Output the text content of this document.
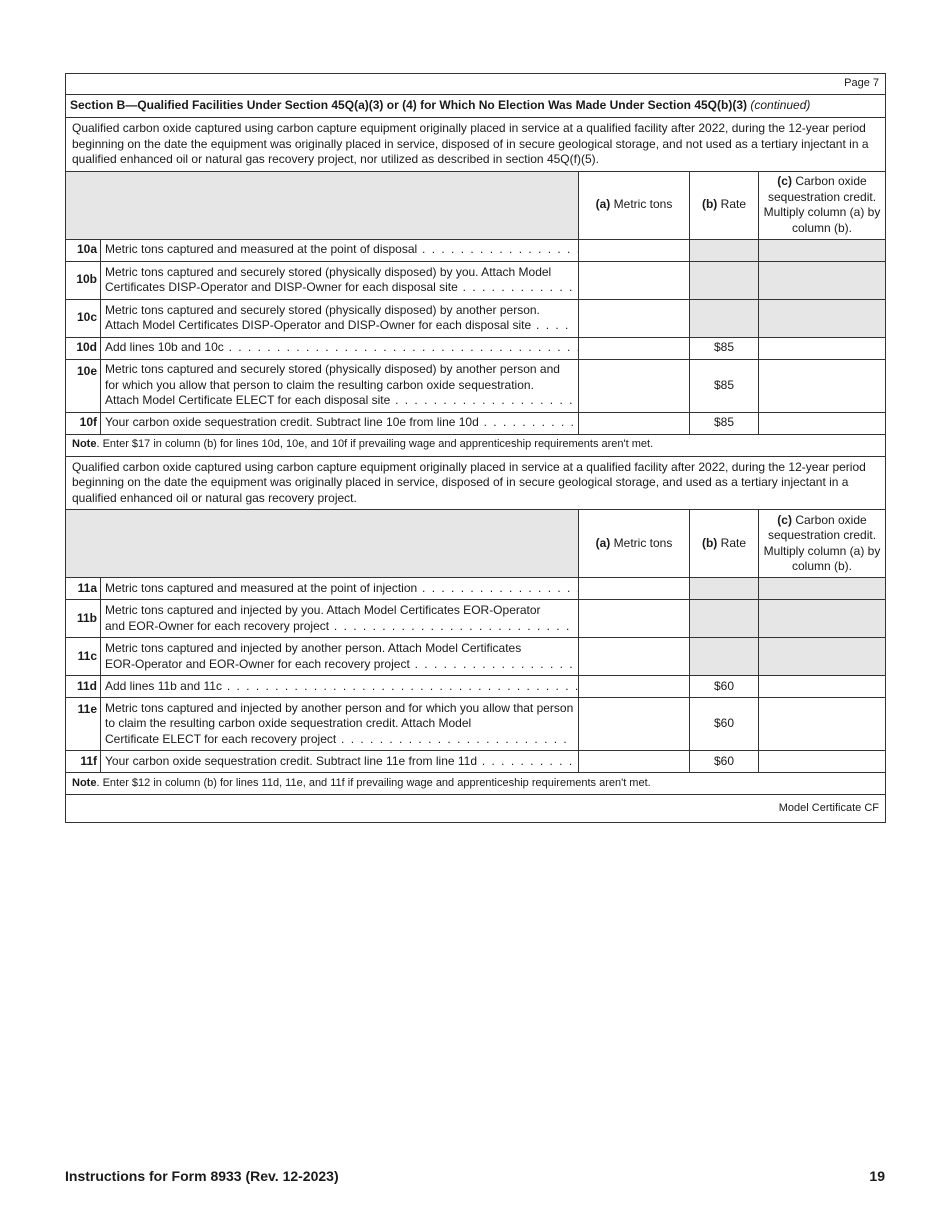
Page 7				
Section B—Qualified Facilities Under Section 45Q(a)(3) or (4) for Which No Election Was Made Under Section 45Q(b)(3) (continued)				
Qualified carbon oxide captured using carbon capture equipment originally placed in service at a qualified facility after 2022, during the 12-year period beginning on the date the equipment was originally placed in service, disposed of in secure geological storage, and not used as a tertiary injectant in a qualified enhanced oil or natural gas recovery project, nor utilized as described in section 45Q(f)(5).				
		(a) Metric tons	(b) Rate	(c) Carbon oxide sequestration credit. Multiply column (a) by column (b).
10a	Metric tons captured and measured at the point of disposal . . .			
10b	Metric tons captured and securely stored (physically disposed) by you. Attach Model
Certificates DISP-Operator and DISP-Owner for each disposal site . . .

10c	Metric tons captured and securely stored (physically disposed) by another person.
Attach Model Certificates DISP-Operator and DISP-Owner for each disposal site . . .

10d	Add lines 10b and 10c . . .		$85	
10e	Metric tons captured and securely stored (physically disposed) by another person and for which you allow that person to claim the resulting carbon oxide sequestration.
Attach Model Certificate ELECT for each disposal site . . .		$85	
10f	Your carbon oxide sequestration credit. Subtract line 10e from line 10d . . .		$85	
Note. Enter $17 in column (b) for lines 10d, 10e, and 10f if prevailing wage and apprenticeship requirements aren't met.				
Qualified carbon oxide captured using carbon capture equipment originally placed in service at a qualified facility after 2022, during the 12-year period beginning on the date the equipment was originally placed in service, disposed of in secure geological storage, and used as a tertiary injectant in a qualified enhanced oil or natural gas recovery project.				
		(a) Metric tons	(b) Rate	(c) Carbon oxide sequestration credit. Multiply column (a) by column (b).
11a	Metric tons captured and measured at the point of injection . . .			
11b	Metric tons captured and injected by you. Attach Model Certificates EOR-Operator
and EOR-Owner for each recovery project . . .

11c	Metric tons captured and injected by another person. Attach Model Certificates
EOR-Operator and EOR-Owner for each recovery project . . .

11d	Add lines 11b and 11c . . .		$60	
11e	Metric tons captured and injected by another person and for which you allow that person to claim the resulting carbon oxide sequestration credit. Attach Model
Certificate ELECT for each recovery project . . .		$60	
11f	Your carbon oxide sequestration credit. Subtract line 11e from line 11d . . .		$60	
Note. Enter $12 in column (b) for lines 11d, 11e, and 11f if prevailing wage and apprenticeship requirements aren't met.				
Model Certificate CF				
Instructions for Form 8933 (Rev. 12-2023)	19
